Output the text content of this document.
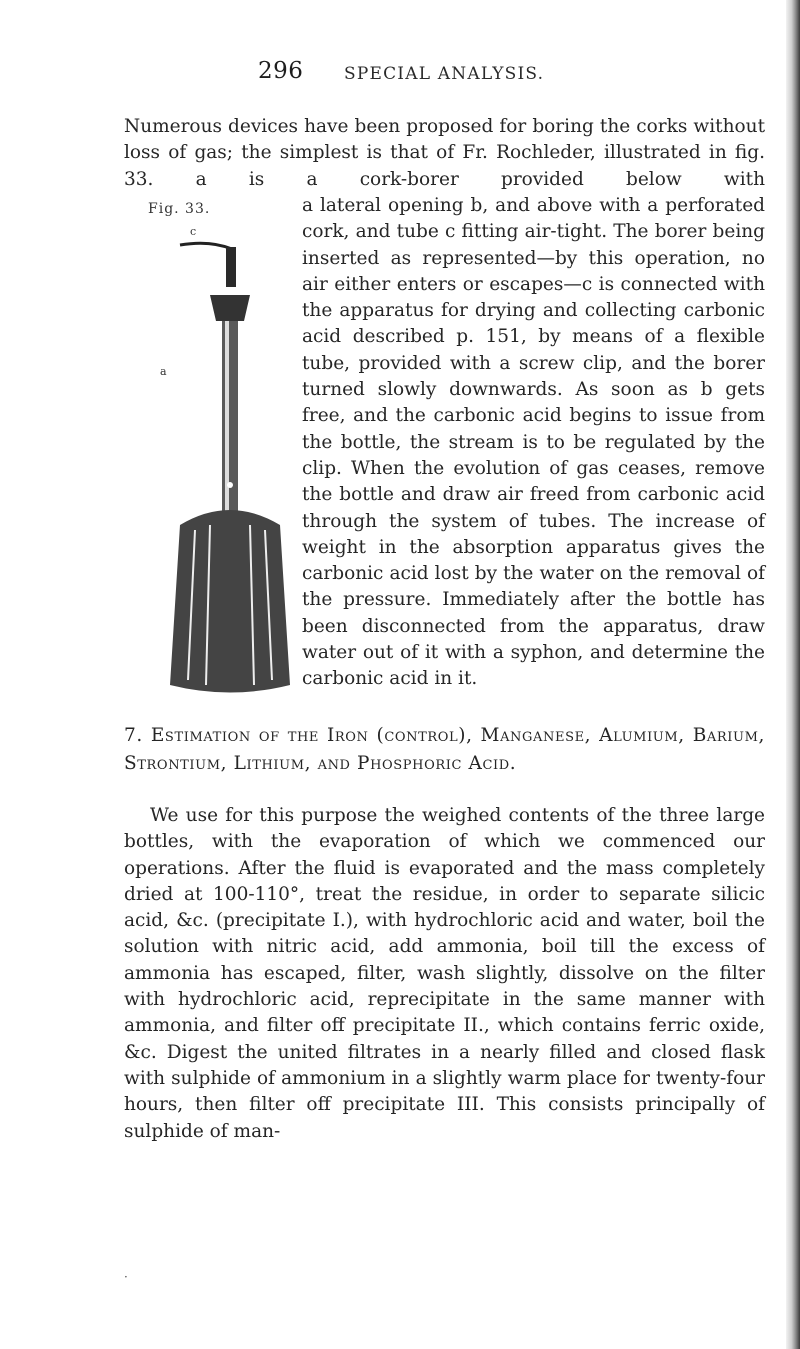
296 SPECIAL ANALYSIS.
Numerous devices have been proposed for boring the corks without loss of gas; the simplest is that of Fr. Rochleder, illustrated in fig. 33. a is a cork-borer provided below with
Fig. 33.
c
a
a lateral opening b, and above with a perforated cork, and tube c fitting air-tight. The borer being inserted as represented—by this operation, no air either enters or escapes—c is connected with the apparatus for drying and collecting carbonic acid described p. 151, by means of a flexible tube, provided with a screw clip, and the borer turned slowly downwards. As soon as b gets free, and the carbonic acid begins to issue from the bottle, the stream is to be regulated by the clip. When the evolution of gas ceases, remove the bottle and draw air freed from carbonic acid through the system of tubes. The increase of weight in the absorption apparatus gives the carbonic acid lost by the water on the removal of the pressure. Immediately after the bottle has been disconnected from the apparatus, draw water out of it with a syphon, and determine the carbonic acid in it.
7. Estimation of the Iron (control), Manganese, Alumium, Barium, Strontium, Lithium, and Phosphoric Acid.
We use for this purpose the weighed contents of the three large bottles, with the evaporation of which we commenced our operations. After the fluid is evaporated and the mass completely dried at 100-110°, treat the residue, in order to separate silicic acid, &c. (precipitate I.), with hydrochloric acid and water, boil the solution with nitric acid, add ammonia, boil till the excess of ammonia has escaped, filter, wash slightly, dissolve on the filter with hydrochloric acid, reprecipitate in the same manner with ammonia, and filter off precipitate II., which contains ferric oxide, &c. Digest the united filtrates in a nearly filled and closed flask with sulphide of ammonium in a slightly warm place for twenty-four hours, then filter off precipitate III. This consists principally of sulphide of man-
·
